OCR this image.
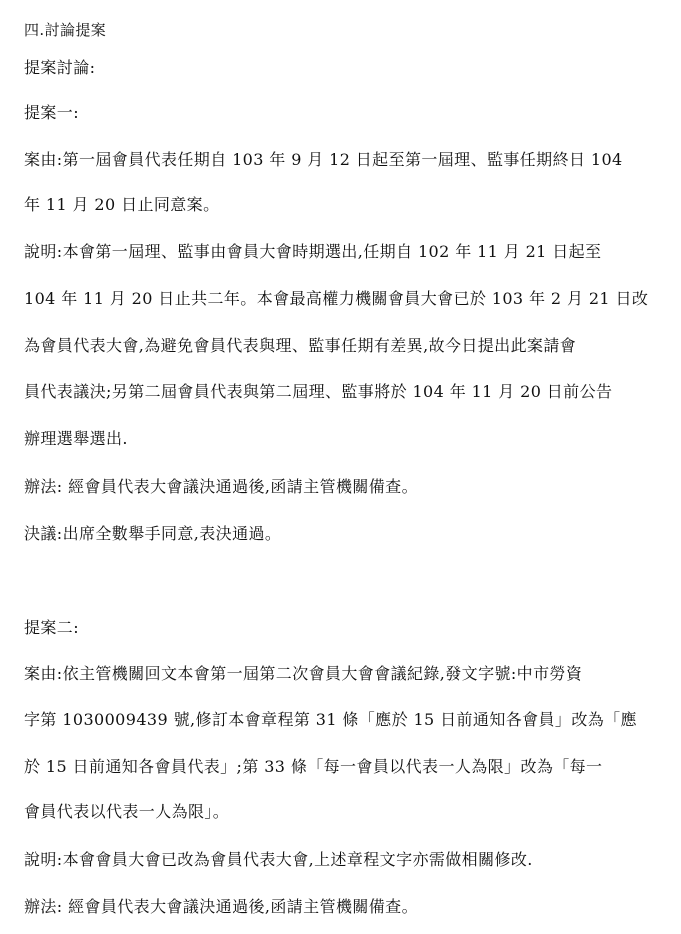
四.討論提案
提案討論:
提案一:
案由:第一屆會員代表任期自 103 年 9 月 12 日起至第一屆理、監事任期終日 104
年 11 月 20 日止同意案。
說明:本會第一屆理、監事由會員大會時期選出,任期自 102 年 11 月 21 日起至
104 年 11 月 20 日止共二年。本會最高權力機關會員大會已於 103 年 2 月 21 日改
為會員代表大會,為避免會員代表與理、監事任期有差異,故今日提出此案請會
員代表議決;另第二屆會員代表與第二屆理、監事將於 104 年 11 月 20 日前公告
辦理選舉選出.
辦法: 經會員代表大會議決通過後,函請主管機關備查。
決議:出席全數舉手同意,表決通過。
提案二:
案由:依主管機關回文本會第一屆第二次會員大會會議紀錄,發文字號:中市勞資
字第 1030009439 號,修訂本會章程第 31 條「應於 15 日前通知各會員」改為「應
於 15 日前通知各會員代表」;第 33 條「每一會員以代表一人為限」改為「每一
會員代表以代表一人為限」。
說明:本會會員大會已改為會員代表大會,上述章程文字亦需做相關修改.
辦法: 經會員代表大會議決通過後,函請主管機關備查。
